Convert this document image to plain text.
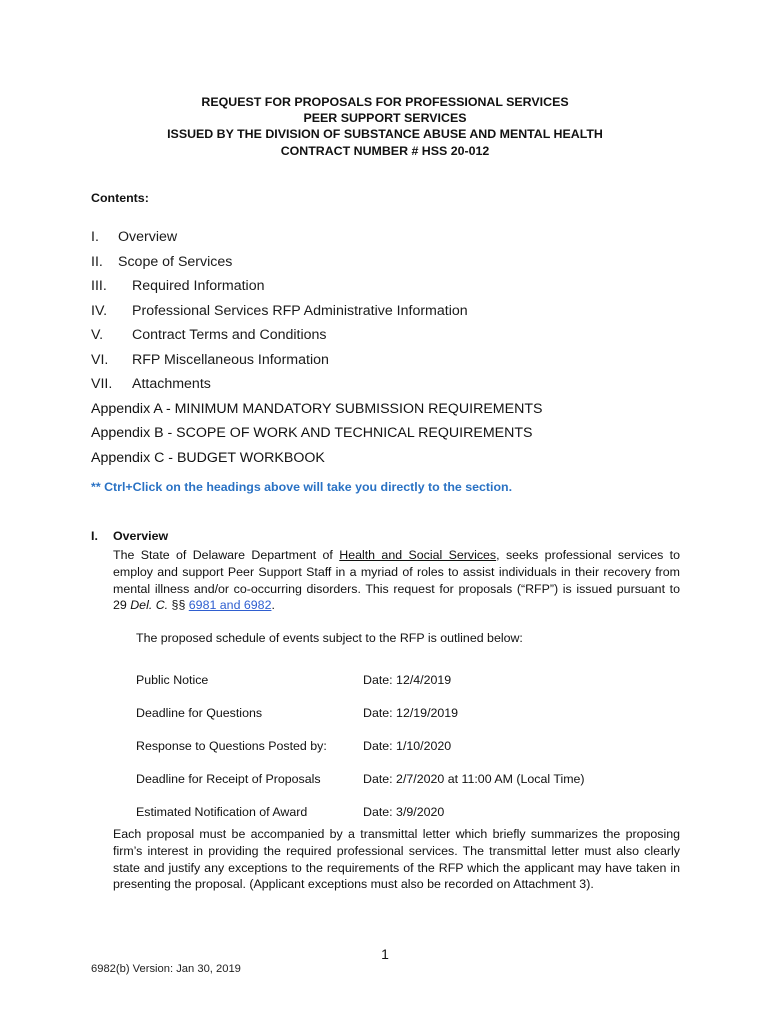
REQUEST FOR PROPOSALS FOR PROFESSIONAL SERVICES
PEER SUPPORT SERVICES
ISSUED BY THE DIVISION OF SUBSTANCE ABUSE AND MENTAL HEALTH
CONTRACT NUMBER # HSS 20-012
Contents:
I.	Overview
II.	Scope of Services
III.	Required Information
IV.	Professional Services RFP Administrative Information
V.	Contract Terms and Conditions
VI.	RFP Miscellaneous Information
VII.	Attachments
Appendix A - MINIMUM MANDATORY SUBMISSION REQUIREMENTS
Appendix B - SCOPE OF WORK AND TECHNICAL REQUIREMENTS
Appendix C - BUDGET WORKBOOK
** Ctrl+Click on the headings above will take you directly to the section.
I. Overview
The State of Delaware Department of Health and Social Services, seeks professional services to employ and support Peer Support Staff in a myriad of roles to assist individuals in their recovery from mental illness and/or co-occurring disorders. This request for proposals (“RFP”) is issued pursuant to 29 Del. C. §§ 6981 and 6982.
The proposed schedule of events subject to the RFP is outlined below:
Public Notice	Date: 12/4/2019
Deadline for Questions	Date: 12/19/2019
Response to Questions Posted by:	Date: 1/10/2020
Deadline for Receipt of Proposals	Date: 2/7/2020 at 11:00 AM (Local Time)
Estimated Notification of Award	Date: 3/9/2020
Each proposal must be accompanied by a transmittal letter which briefly summarizes the proposing firm’s interest in providing the required professional services. The transmittal letter must also clearly state and justify any exceptions to the requirements of the RFP which the applicant may have taken in presenting the proposal. (Applicant exceptions must also be recorded on Attachment 3).
1
6982(b) Version: Jan 30, 2019
